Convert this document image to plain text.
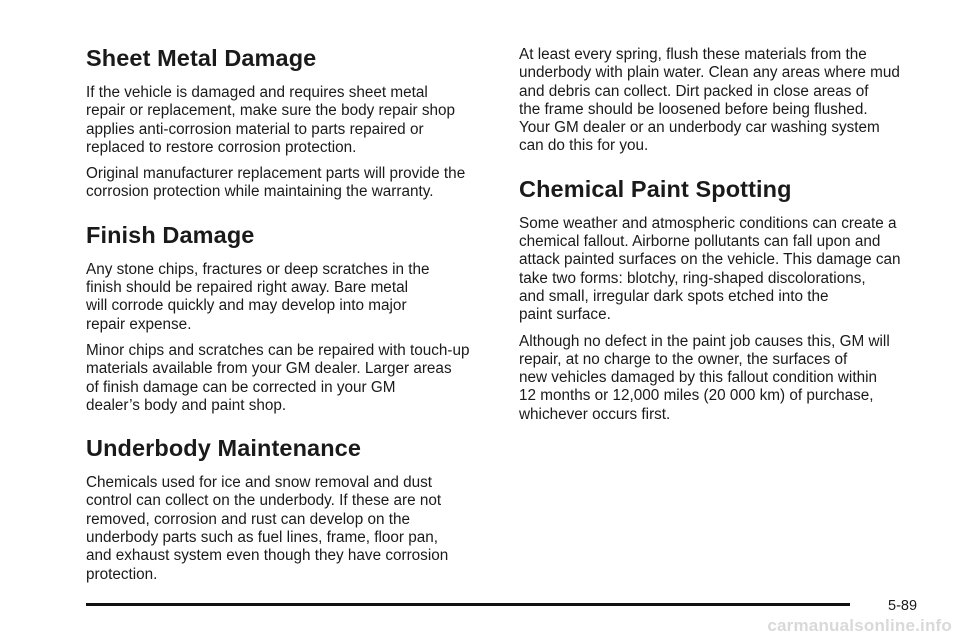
Sheet Metal Damage

If the vehicle is damaged and requires sheet metal
repair or replacement, make sure the body repair shop
applies anti-corrosion material to parts repaired or
replaced to restore corrosion protection.

Original manufacturer replacement parts will provide the
corrosion protection while maintaining the warranty.

Finish Damage

Any stone chips, fractures or deep scratches in the
finish should be repaired right away. Bare metal
will corrode quickly and may develop into major
repair expense.

Minor chips and scratches can be repaired with touch-up
materials available from your GM dealer. Larger areas
of finish damage can be corrected in your GM
dealer’s body and paint shop.

Underbody Maintenance

Chemicals used for ice and snow removal and dust
control can collect on the underbody. If these are not
removed, corrosion and rust can develop on the
underbody parts such as fuel lines, frame, floor pan,
and exhaust system even though they have corrosion
protection.

At least every spring, flush these materials from the
underbody with plain water. Clean any areas where mud
and debris can collect. Dirt packed in close areas of
the frame should be loosened before being flushed.
Your GM dealer or an underbody car washing system
can do this for you.

Chemical Paint Spotting

Some weather and atmospheric conditions can create a
chemical fallout. Airborne pollutants can fall upon and
attack painted surfaces on the vehicle. This damage can
take two forms: blotchy, ring-shaped discolorations,
and small, irregular dark spots etched into the
paint surface.

Although no defect in the paint job causes this, GM will
repair, at no charge to the owner, the surfaces of
new vehicles damaged by this fallout condition within
12 months or 12,000 miles (20 000 km) of purchase,
whichever occurs first.

5-89
carmanualsonline.info
